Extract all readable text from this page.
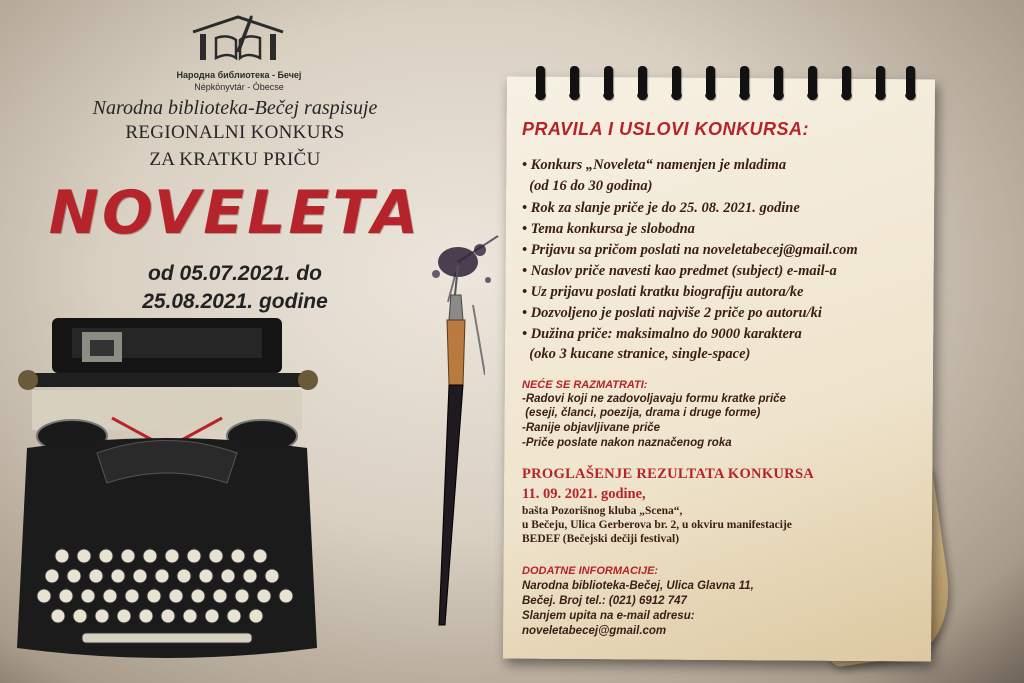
Народна библиотека - Бечеј
Népkönyvtár - Óbecse
Narodna biblioteka-Bečej raspisuje
REGIONALNI KONKURS
ZA KRATKU PRIČU
NOVELETA
od 05.07.2021. do
25.08.2021. godine
PRAVILA I USLOVI KONKURSA:
• Konkurs „Noveleta“ namenjen je mladima
(od 16 do 30 godina)
• Rok za slanje priče je do 25. 08. 2021. godine
• Tema konkursa je slobodna
• Prijavu sa pričom poslati na noveletabecej@gmail.com
• Naslov priče navesti kao predmet (subject) e-mail-a
• Uz prijavu poslati kratku biografiju autora/ke
• Dozvoljeno je poslati najviše 2 priče po autoru/ki
• Dužina priče: maksimalno do 9000 karaktera
(oko 3 kucane stranice, single-space)
NEĆE SE RAZMATRATI:
-Radovi koji ne zadovoljavaju formu kratke priče
(eseji, članci, poezija, drama i druge forme)
-Ranije objavljivane priče
-Priče poslate nakon naznačenog roka
PROGLAŠENJE REZULTATA KONKURSA
11. 09. 2021. godine,
bašta Pozorišnog kluba „Scena“,
u Bečeju, Ulica Gerberova br. 2, u okviru manifestacije
BEDEF (Bečejski dečiji festival)
DODATNE INFORMACIJE:
Narodna biblioteka-Bečej, Ulica Glavna 11,
Bečej. Broj tel.: (021) 6912 747
Slanjem upita na e-mail adresu:
noveletabecej@gmail.com
